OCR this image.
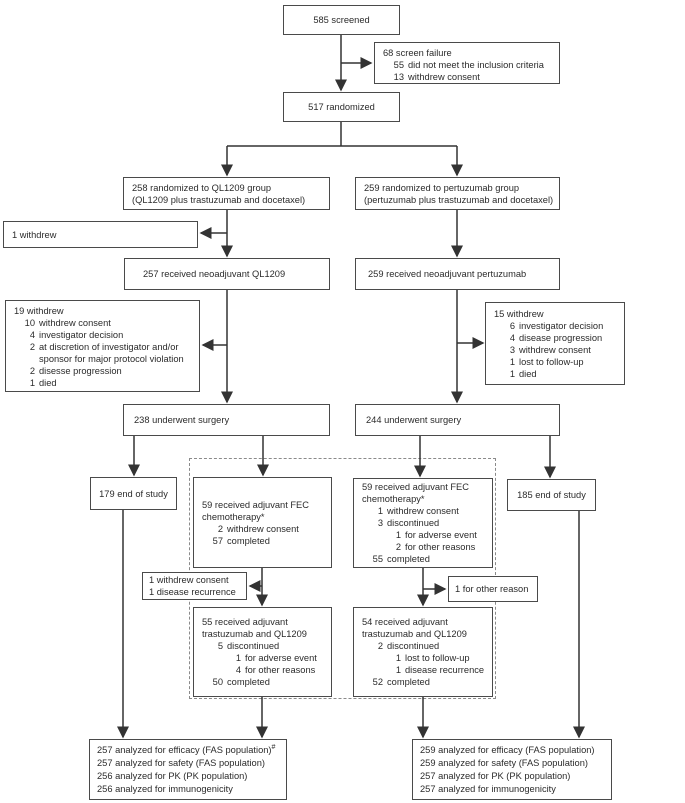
585 screened
68 screen failure
55 did not meet the inclusion criteria
13 withdrew consent
517 randomized
258 randomized to QL1209 group
(QL1209 plus trastuzumab and docetaxel)
259 randomized to pertuzumab group
(pertuzumab plus trastuzumab and docetaxel)
1 withdrew
257 received neoadjuvant QL1209	259 received neoadjuvant pertuzumab
19 withdrew
10 withdrew consent
4 investigator decision
2 at discretion of investigator and/or
sponsor for major protocol violation
2 disesse progression
1 died
15 withdrew
6 investigator decision
4 disease progression
3 withdrew consent
1 lost to follow-up
1 died
238 underwent surgery	244 underwent surgery
179 end of study
59 received adjuvant FEC chemotherapy*
2 withdrew consent
57 completed
59 received adjuvant FEC chemotherapy*
1 withdrew consent
3 discontinued
1 for adverse event
2 for other reasons
55 completed
185 end of study
1 withdrew consent
1 disease recurrence	1 for other reason
55 received adjuvant trastuzumab and QL1209
5 discontinued
1 for adverse event
4 for other reasons
50 completed
54 received adjuvant trastuzumab and QL1209
2 discontinued
1 lost to follow-up
1 disease recurrence
52 completed
257 analyzed for efficacy (FAS population)#
257 analyzed for safety (FAS population)
256 analyzed for PK (PK population)
256 analyzed for immunogenicity
259 analyzed for efficacy (FAS population)
259 analyzed for safety (FAS population)
257 analyzed for PK (PK population)
257 analyzed for immunogenicity
